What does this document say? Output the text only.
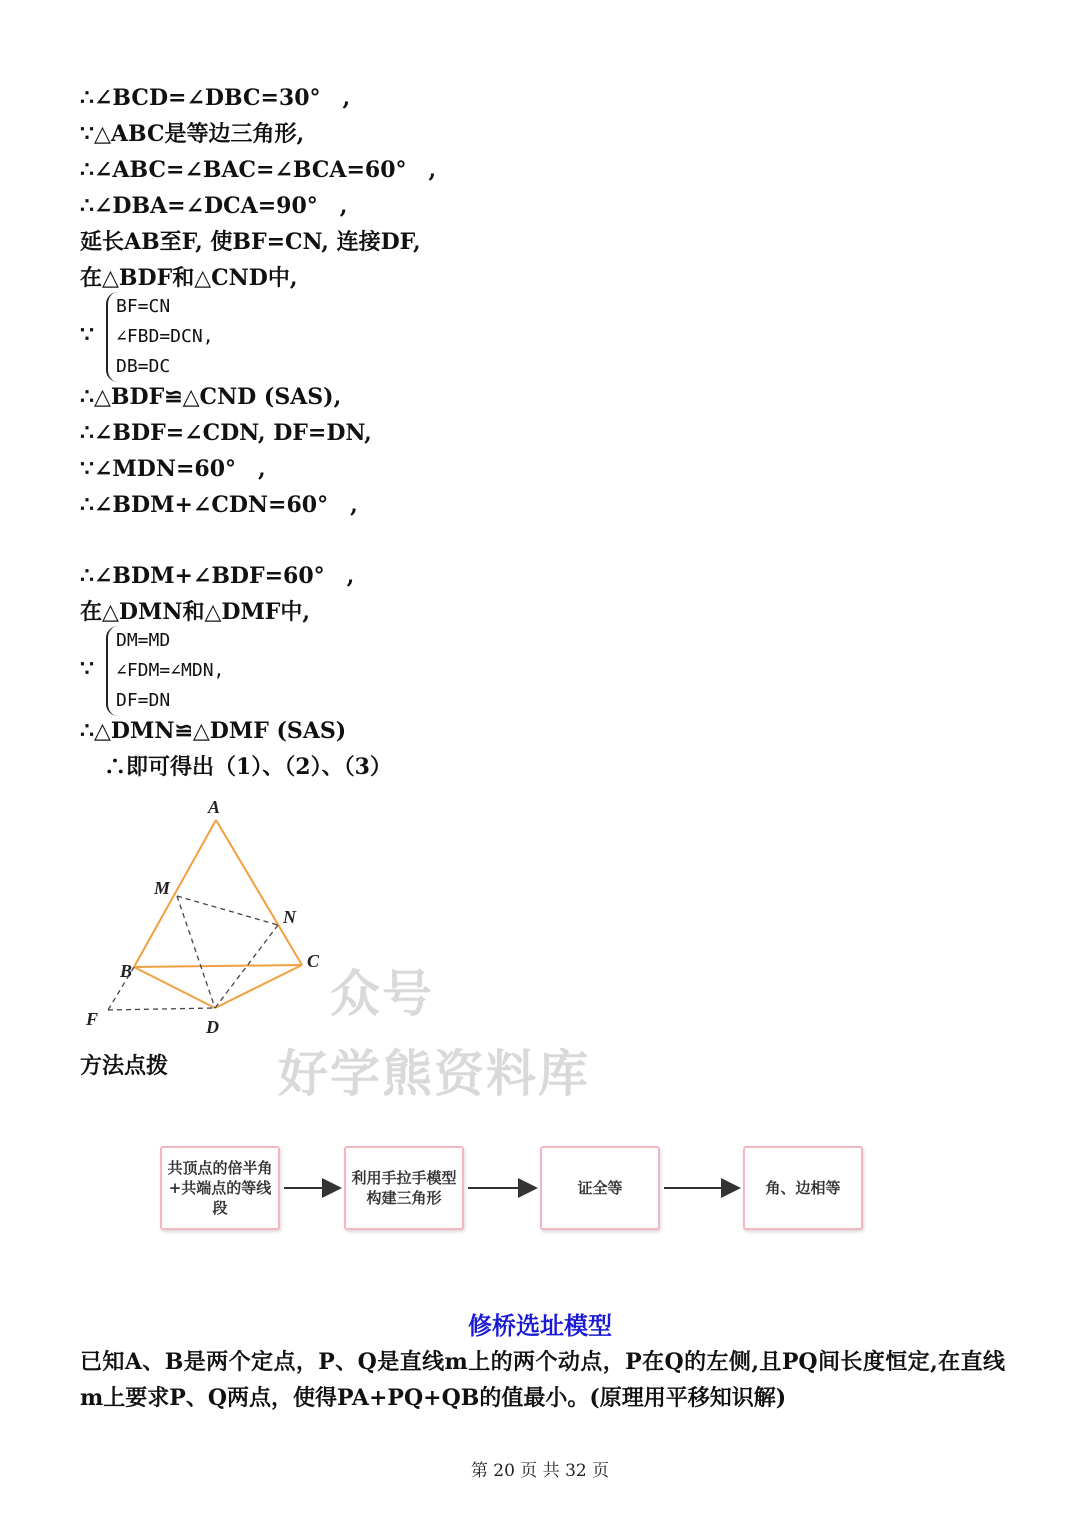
∴∠BCD=∠DBC=30°　,
∵△ABC是等边三角形,
∴∠ABC=∠BAC=∠BCA=60°　,
∴∠DBA=∠DCA=90°　,
延长AB至F, 使BF=CN, 连接DF,
在△BDF和△CND中,
∵
BF=CN
∠FBD=DCN,
DB=DC
∴△BDF≌△CND (SAS),
∴∠BDF=∠CDN, DF=DN,
∵∠MDN=60°　,
∴∠BDM+∠CDN=60°　,
∴∠BDM+∠BDF=60°　,
在△DMN和△DMF中,
∵
DM=MD
∠FDM=∠MDN,
DF=DN
∴△DMN≌△DMF (SAS)
∴即可得出（1）、（2）、（3）
A
M
N
B	C
F	D
众号
好学熊资料库
方法点拨
共顶点的倍半角+共端点的等线段
利用手拉手模型构建三角形
证全等	角、边相等
修桥选址模型
已知A、B是两个定点，P、Q是直线m上的两个动点，P在Q的左侧,且PQ间长度恒定,在直线m上要求P、Q两点，使得PA+PQ+QB的值最小。(原理用平移知识解)
第 20 页 共 32 页
